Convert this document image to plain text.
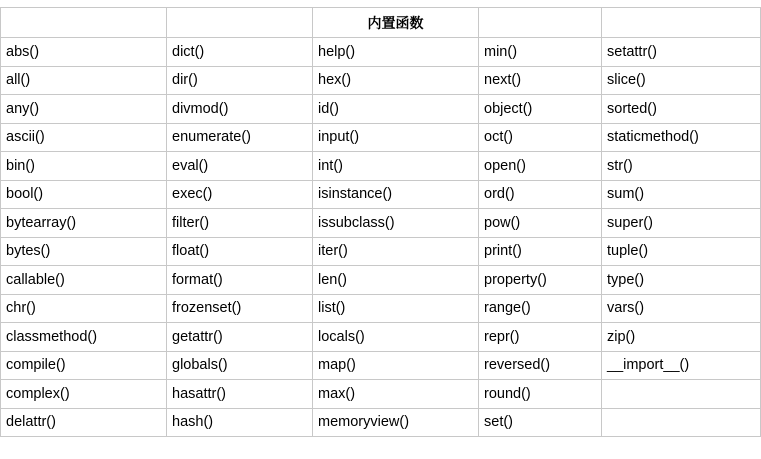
		内置函数		
abs()	dict()	help()	min()	setattr()
all()	dir()	hex()	next()	slice()
any()	divmod()	id()	object()	sorted()
ascii()	enumerate()	input()	oct()	staticmethod()
bin()	eval()	int()	open()	str()
bool()	exec()	isinstance()	ord()	sum()
bytearray()	filter()	issubclass()	pow()	super()
bytes()	float()	iter()	print()	tuple()
callable()	format()	len()	property()	type()
chr()	frozenset()	list()	range()	vars()
classmethod()	getattr()	locals()	repr()	zip()
compile()	globals()	map()	reversed()	__import__()
complex()	hasattr()	max()	round()	
delattr()	hash()	memoryview()	set()	
